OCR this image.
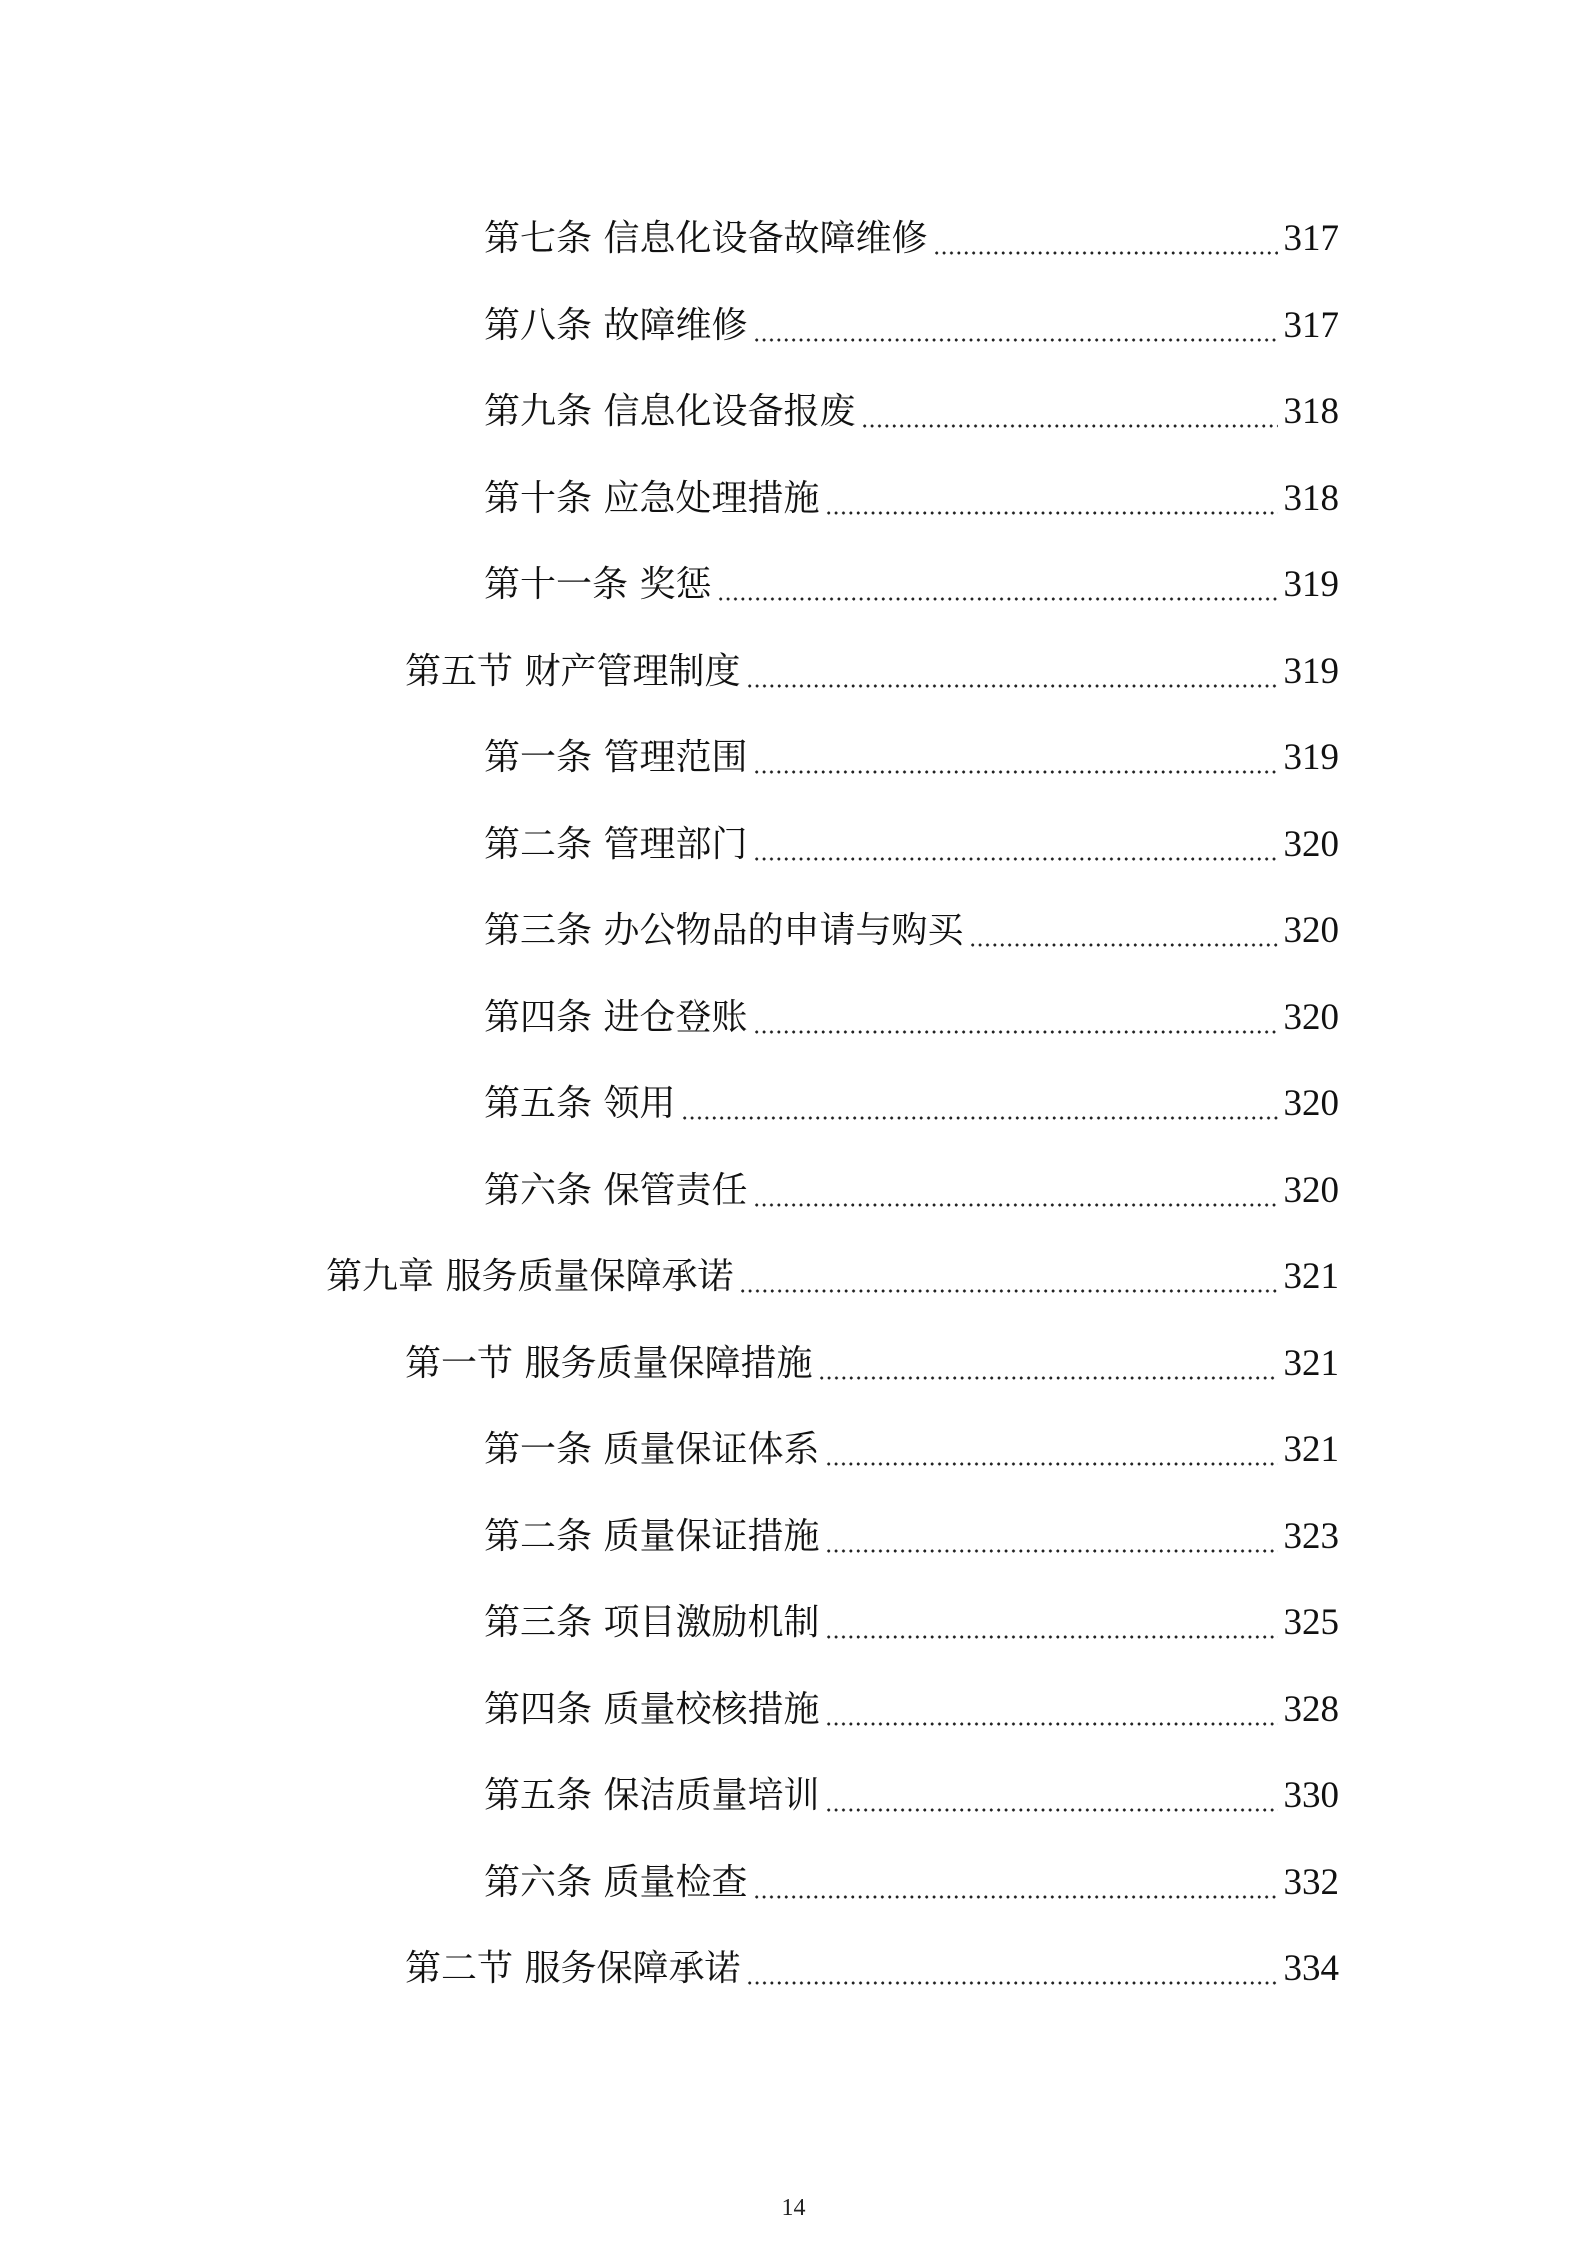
第七条 信息化设备故障维修	317
第八条 故障维修	317
第九条 信息化设备报废	318
第十条 应急处理措施	318
第十一条 奖惩	319
第五节 财产管理制度	319
第一条 管理范围	319
第二条 管理部门	320
第三条 办公物品的申请与购买	320
第四条 进仓登账	320
第五条 领用	320
第六条 保管责任	320
第九章 服务质量保障承诺	321
第一节 服务质量保障措施	321
第一条 质量保证体系	321
第二条 质量保证措施	323
第三条 项目激励机制	325
第四条 质量校核措施	328
第五条 保洁质量培训	330
第六条 质量检查	332
第二节 服务保障承诺	334
14
